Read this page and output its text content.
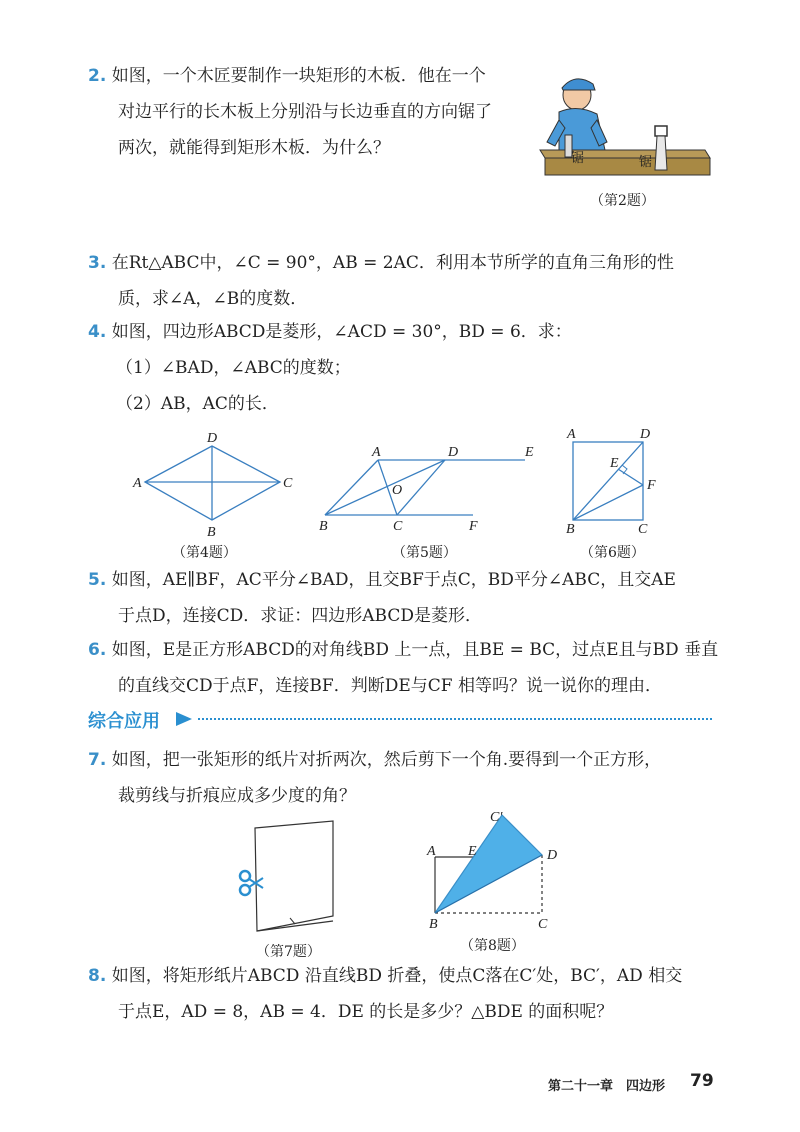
2. 如图，一个木匠要制作一块矩形的木板．他在一个
对边平行的长木板上分别沿与长边垂直的方向锯了
两次，就能得到矩形木板．为什么？
锯	锯
（第2题）
3. 在Rt△ABC中，∠C = 90°，AB = 2AC．利用本节所学的直角三角形的性
质，求∠A，∠B的度数．
4. 如图，四边形ABCD是菱形，∠ACD = 30°，BD = 6．求：
（1）∠BAD，∠ABC的度数；
（2）AB，AC的长．
A
D
C
B
（第4题）
A	D	E
O
B	C	F
（第5题）
A	D
E
F
B	C
（第6题）
5. 如图，AE∥BF，AC平分∠BAD，且交BF于点C，BD平分∠ABC，且交AE
于点D，连接CD．求证：四边形ABCD是菱形．
6. 如图，E是正方形ABCD的对角线BD 上一点，且BE = BC，过点E且与BD 垂直
的直线交CD于点F，连接BF．判断DE与CF 相等吗？说一说你的理由．
综合应用
7. 如图，把一张矩形的纸片对折两次，然后剪下一个角.要得到一个正方形，
裁剪线与折痕应成多少度的角？
（第7题）
A E
C′
D
B	C
（第8题）
8. 如图，将矩形纸片ABCD 沿直线BD 折叠，使点C落在C′处，BC′，AD 相交
于点E，AD = 8，AB = 4．DE 的长是多少？△BDE 的面积呢？
第二十一章　四边形 79
